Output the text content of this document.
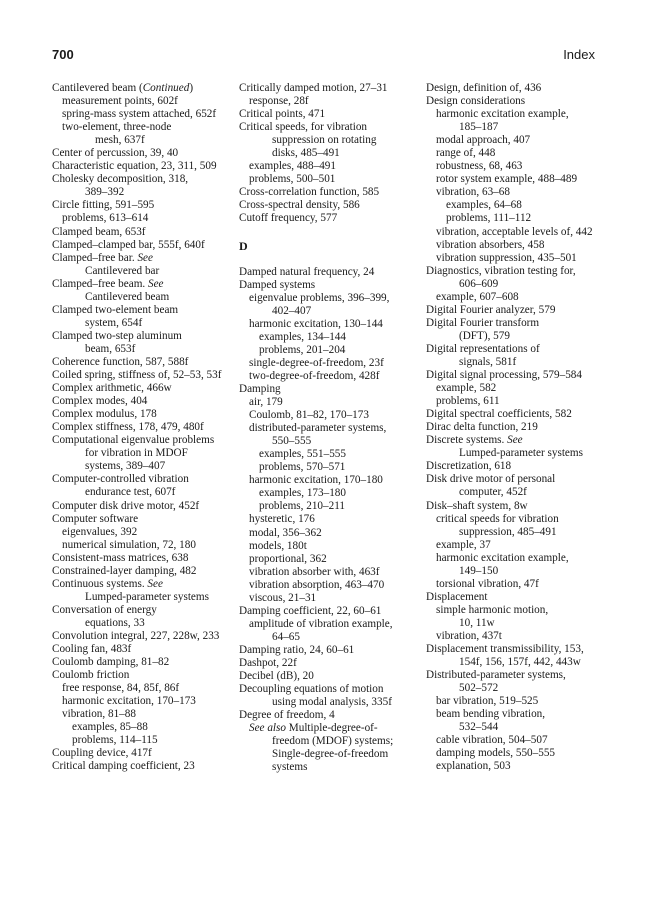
700	Index
Cantilevered beam (Continued)
measurement points, 602f
spring-mass system attached, 652f
two-element, three-node
mesh, 637f
Center of percussion, 39, 40
Characteristic equation, 23, 311, 509
Cholesky decomposition, 318,
389–392
Circle fitting, 591–595
problems, 613–614
Clamped beam, 653f
Clamped–clamped bar, 555f, 640f
Clamped–free bar. See
Cantilevered bar
Clamped–free beam. See
Cantilevered beam
Clamped two-element beam
system, 654f
Clamped two-step aluminum
beam, 653f
Coherence function, 587, 588f
Coiled spring, stiffness of, 52–53, 53f
Complex arithmetic, 466w
Complex modes, 404
Complex modulus, 178
Complex stiffness, 178, 479, 480f
Computational eigenvalue problems
for vibration in MDOF
systems, 389–407
Computer-controlled vibration
endurance test, 607f
Computer disk drive motor, 452f
Computer software
eigenvalues, 392
numerical simulation, 72, 180
Consistent-mass matrices, 638
Constrained-layer damping, 482
Continuous systems. See
Lumped-parameter systems
Conversation of energy
equations, 33
Convolution integral, 227, 228w, 233
Cooling fan, 483f
Coulomb damping, 81–82
Coulomb friction
free response, 84, 85f, 86f
harmonic excitation, 170–173
vibration, 81–88
examples, 85–88
problems, 114–115
Coupling device, 417f
Critical damping coefficient, 23
Critically damped motion, 27–31
response, 28f
Critical points, 471
Critical speeds, for vibration
suppression on rotating
disks, 485–491
examples, 488–491
problems, 500–501
Cross-correlation function, 585
Cross-spectral density, 586
Cutoff frequency, 577
D
Damped natural frequency, 24
Damped systems
eigenvalue problems, 396–399,
402–407
harmonic excitation, 130–144
examples, 134–144
problems, 201–204
single-degree-of-freedom, 23f
two-degree-of-freedom, 428f
Damping
air, 179
Coulomb, 81–82, 170–173
distributed-parameter systems,
550–555
examples, 551–555
problems, 570–571
harmonic excitation, 170–180
examples, 173–180
problems, 210–211
hysteretic, 176
modal, 356–362
models, 180t
proportional, 362
vibration absorber with, 463f
vibration absorption, 463–470
viscous, 21–31
Damping coefficient, 22, 60–61
amplitude of vibration example,
64–65
Damping ratio, 24, 60–61
Dashpot, 22f
Decibel (dB), 20
Decoupling equations of motion
using modal analysis, 335f
Degree of freedom, 4
See also Multiple-degree-of-
freedom (MDOF) systems;
Single-degree-of-freedom
systems
Design, definition of, 436
Design considerations
harmonic excitation example,
185–187
modal approach, 407
range of, 448
robustness, 68, 463
rotor system example, 488–489
vibration, 63–68
examples, 64–68
problems, 111–112
vibration, acceptable levels of, 442
vibration absorbers, 458
vibration suppression, 435–501
Diagnostics, vibration testing for,
606–609
example, 607–608
Digital Fourier analyzer, 579
Digital Fourier transform
(DFT), 579
Digital representations of
signals, 581f
Digital signal processing, 579–584
example, 582
problems, 611
Digital spectral coefficients, 582
Dirac delta function, 219
Discrete systems. See
Lumped-parameter systems
Discretization, 618
Disk drive motor of personal
computer, 452f
Disk–shaft system, 8w
critical speeds for vibration
suppression, 485–491
example, 37
harmonic excitation example,
149–150
torsional vibration, 47f
Displacement
simple harmonic motion,
10, 11w
vibration, 437t
Displacement transmissibility, 153,
154f, 156, 157f, 442, 443w
Distributed-parameter systems,
502–572
bar vibration, 519–525
beam bending vibration,
532–544
cable vibration, 504–507
damping models, 550–555
explanation, 503
